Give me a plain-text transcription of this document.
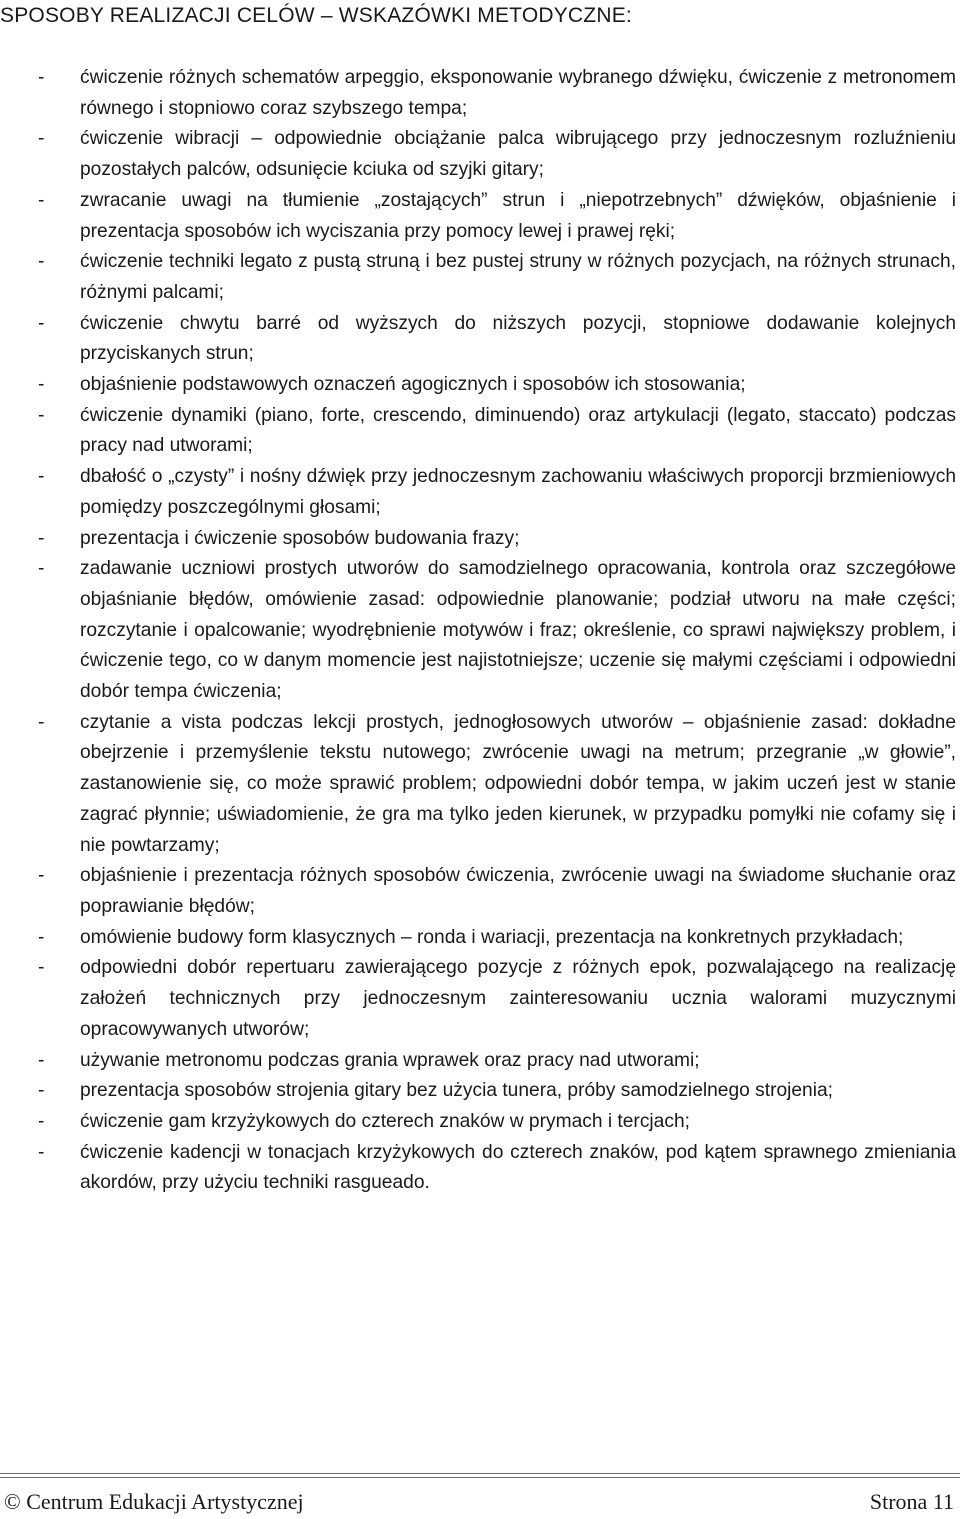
SPOSOBY REALIZACJI CELÓW – WSKAZÓWKI METODYCZNE:
- ćwiczenie różnych schematów arpeggio, eksponowanie wybranego dźwięku, ćwiczenie z metronomem równego i stopniowo coraz szybszego tempa;
- ćwiczenie wibracji – odpowiednie obciążanie palca wibrującego przy jednoczesnym rozluźnieniu pozostałych palców, odsunięcie kciuka od szyjki gitary;
- zwracanie uwagi na tłumienie „zostających” strun i „niepotrzebnych” dźwięków, objaśnienie i prezentacja sposobów ich wyciszania przy pomocy lewej i prawej ręki;
- ćwiczenie techniki legato z pustą struną i bez pustej struny w różnych pozycjach, na różnych strunach, różnymi palcami;
- ćwiczenie chwytu barré od wyższych do niższych pozycji, stopniowe dodawanie kolejnych przyciskanych strun;
- objaśnienie podstawowych oznaczeń agogicznych i sposobów ich stosowania;
- ćwiczenie dynamiki (piano, forte, crescendo, diminuendo) oraz artykulacji (legato, staccato) podczas pracy nad utworami;
- dbałość o „czysty” i nośny dźwięk przy jednoczesnym zachowaniu właściwych proporcji brzmieniowych pomiędzy poszczególnymi głosami;
- prezentacja i ćwiczenie sposobów budowania frazy;
- zadawanie uczniowi prostych utworów do samodzielnego opracowania, kontrola oraz szczegółowe objaśnianie błędów, omówienie zasad: odpowiednie planowanie; podział utworu na małe części; rozczytanie i opalcowanie; wyodrębnienie motywów i fraz; określenie, co sprawi największy problem, i ćwiczenie tego, co w danym momencie jest najistotniejsze; uczenie się małymi częściami i odpowiedni dobór tempa ćwiczenia;
- czytanie a vista podczas lekcji prostych, jednogłosowych utworów – objaśnienie zasad: dokładne obejrzenie i przemyślenie tekstu nutowego; zwrócenie uwagi na metrum; przegranie „w głowie”, zastanowienie się, co może sprawić problem; odpowiedni dobór tempa, w jakim uczeń jest w stanie zagrać płynnie; uświadomienie, że gra ma tylko jeden kierunek, w przypadku pomyłki nie cofamy się i nie powtarzamy;
- objaśnienie i prezentacja różnych sposobów ćwiczenia, zwrócenie uwagi na świadome słuchanie oraz poprawianie błędów;
- omówienie budowy form klasycznych – ronda i wariacji, prezentacja na konkretnych przykładach;
- odpowiedni dobór repertuaru zawierającego pozycje z różnych epok, pozwalającego na realizację założeń technicznych przy jednoczesnym zainteresowaniu ucznia walorami muzycznymi opracowywanych utworów;
- używanie metronomu podczas grania wprawek oraz pracy nad utworami;
- prezentacja sposobów strojenia gitary bez użycia tunera, próby samodzielnego strojenia;
- ćwiczenie gam krzyżykowych do czterech znaków w prymach i tercjach;
- ćwiczenie kadencji w tonacjach krzyżykowych do czterech znaków, pod kątem sprawnego zmieniania akordów, przy użyciu techniki rasgueado.
© Centrum Edukacji Artystycznej	Strona 11
